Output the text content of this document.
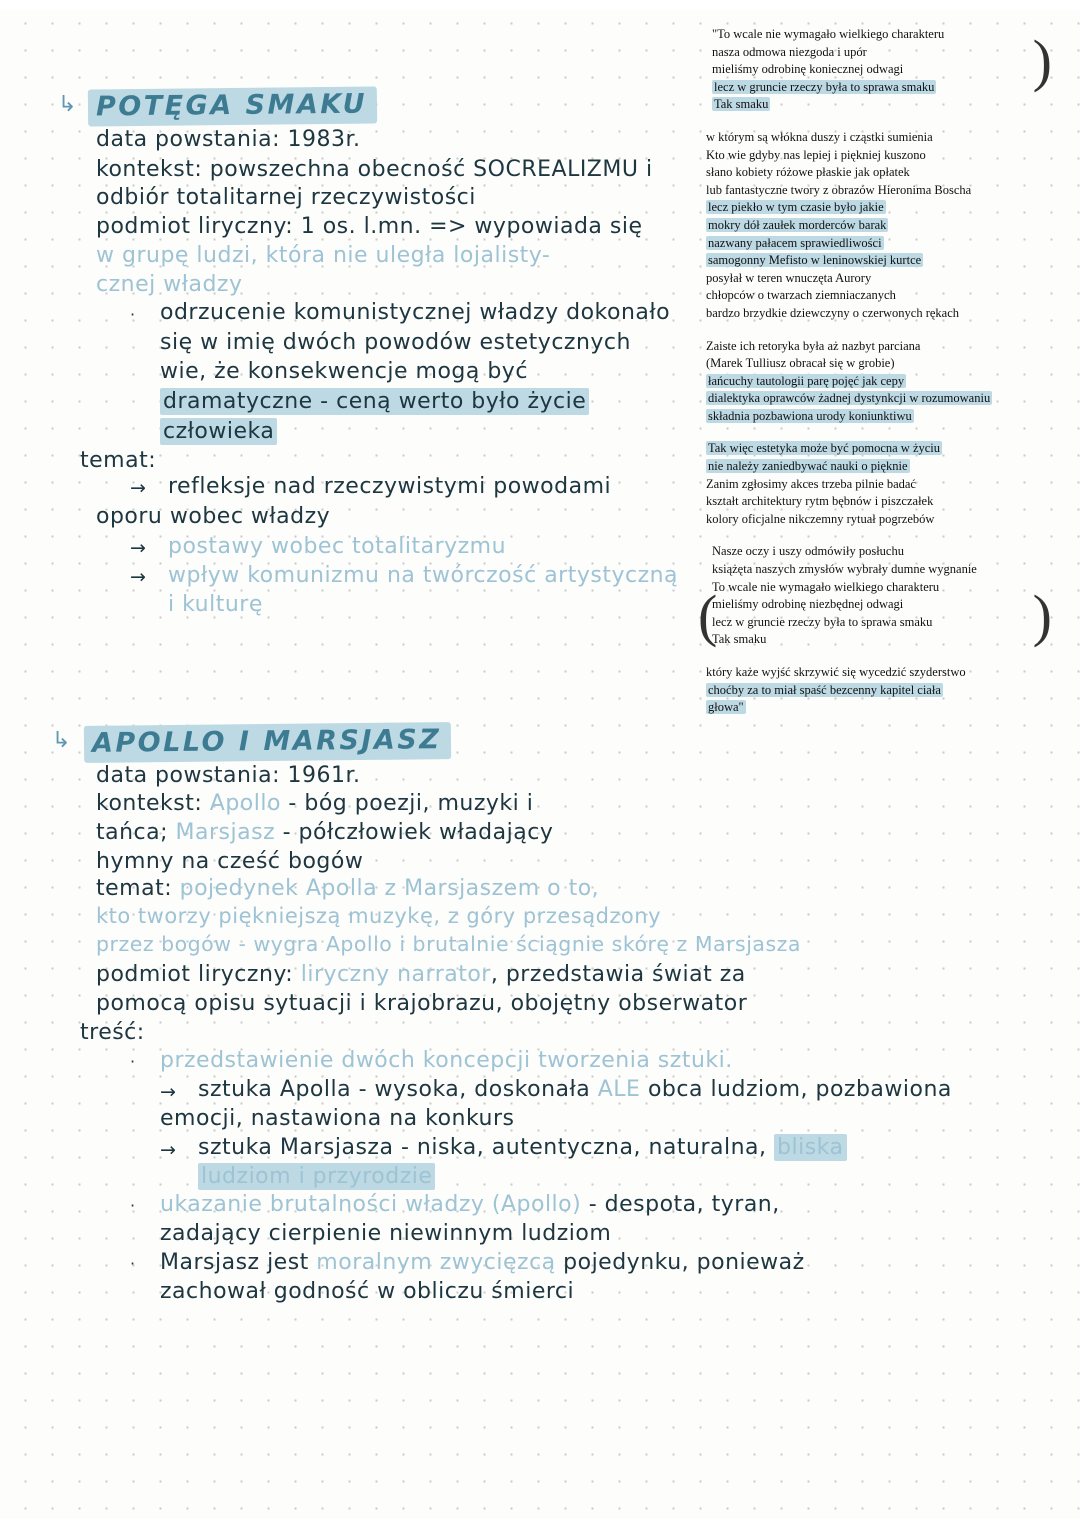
↳ POTĘGA SMAKU
data powstania: 1983r.
kontekst: powszechna obecność SOCREALIZMU i
odbiór totalitarnej rzeczywistości
podmiot liryczny: 1 os. l.mn. => wypowiada się
w grupę ludzi, która nie uległa lojalisty-
cznej władzy
· odrzucenie komunistycznej władzy dokonało
się w imię dwóch powodów estetycznych
wie, że konsekwencje mogą być
dramatyczne - ceną werto było życie
człowieka
temat:
→ refleksje nad rzeczywistymi powodami
oporu wobec władzy
→ postawy wobec totalitaryzmu
→ wpływ komunizmu na twórczość artystyczną
i kulturę
↳ APOLLO I MARSJASZ
data powstania: 1961r.
kontekst: Apollo - bóg poezji, muzyki i
tańca; Marsjasz - półczłowiek władający
hymny na cześć bogów
temat: pojedynek Apolla z Marsjaszem o to,
kto tworzy piękniejszą muzykę, z góry przesądzony
przez bogów - wygra Apollo i brutalnie ściągnie skórę z Marsjasza
podmiot liryczny: liryczny narrator, przedstawia świat za
pomocą opisu sytuacji i krajobrazu, obojętny obserwator
treść:
· przedstawienie dwóch koncepcji tworzenia sztuki.
→ sztuka Apolla - wysoka, doskonała ALE obca ludziom, pozbawiona
emocji, nastawiona na konkurs
→ sztuka Marsjasza - niska, autentyczna, naturalna, bliska
ludziom i przyrodzie
· ukazanie brutalności władzy (Apollo) - despota, tyran,
zadający cierpienie niewinnym ludziom
· Marsjasz jest moralnym zwycięzcą pojedynku, ponieważ
zachował godność w obliczu śmierci
)
"To wcale nie wymagało wielkiego charakteru
nasza odmowa niezgoda i upór
mieliśmy odrobinę koniecznej odwagi
lecz w gruncie rzeczy była to sprawa smaku
Tak smaku
w którym są włókna duszy i cząstki sumienia
Kto wie gdyby nas lepiej i piękniej kuszono
słano kobiety różowe płaskie jak opłatek
lub fantastyczne twory z obrazów Hieronima Boscha
lecz piekło w tym czasie było jakie
mokry dół zaułek morderców barak
nazwany pałacem sprawiedliwości
samogonny Mefisto w leninowskiej kurtce
posyłał w teren wnuczęta Aurory
chłopców o twarzach ziemniaczanych
bardzo brzydkie dziewczyny o czerwonych rękach
Zaiste ich retoryka była aż nazbyt parciana
(Marek Tulliusz obracał się w grobie)
łańcuchy tautologii parę pojęć jak cepy
dialektyka oprawców żadnej dystynkcji w rozumowaniu
składnia pozbawiona urody koniunktiwu
Tak więc estetyka może być pomocna w życiu
nie należy zaniedbywać nauki o pięknie
Zanim zgłosimy akces trzeba pilnie badać
kształt architektury rytm bębnów i piszczałek
kolory oficjalne nikczemny rytuał pogrzebów
(	)
Nasze oczy i uszy odmówiły posłuchu
książęta naszych zmysłów wybrały dumne wygnanie
To wcale nie wymagało wielkiego charakteru
mieliśmy odrobinę niezbędnej odwagi
lecz w gruncie rzeczy była to sprawa smaku
Tak smaku
który każe wyjść skrzywić się wycedzić szyderstwo
choćby za to miał spaść bezcenny kapitel ciała
głowa"
